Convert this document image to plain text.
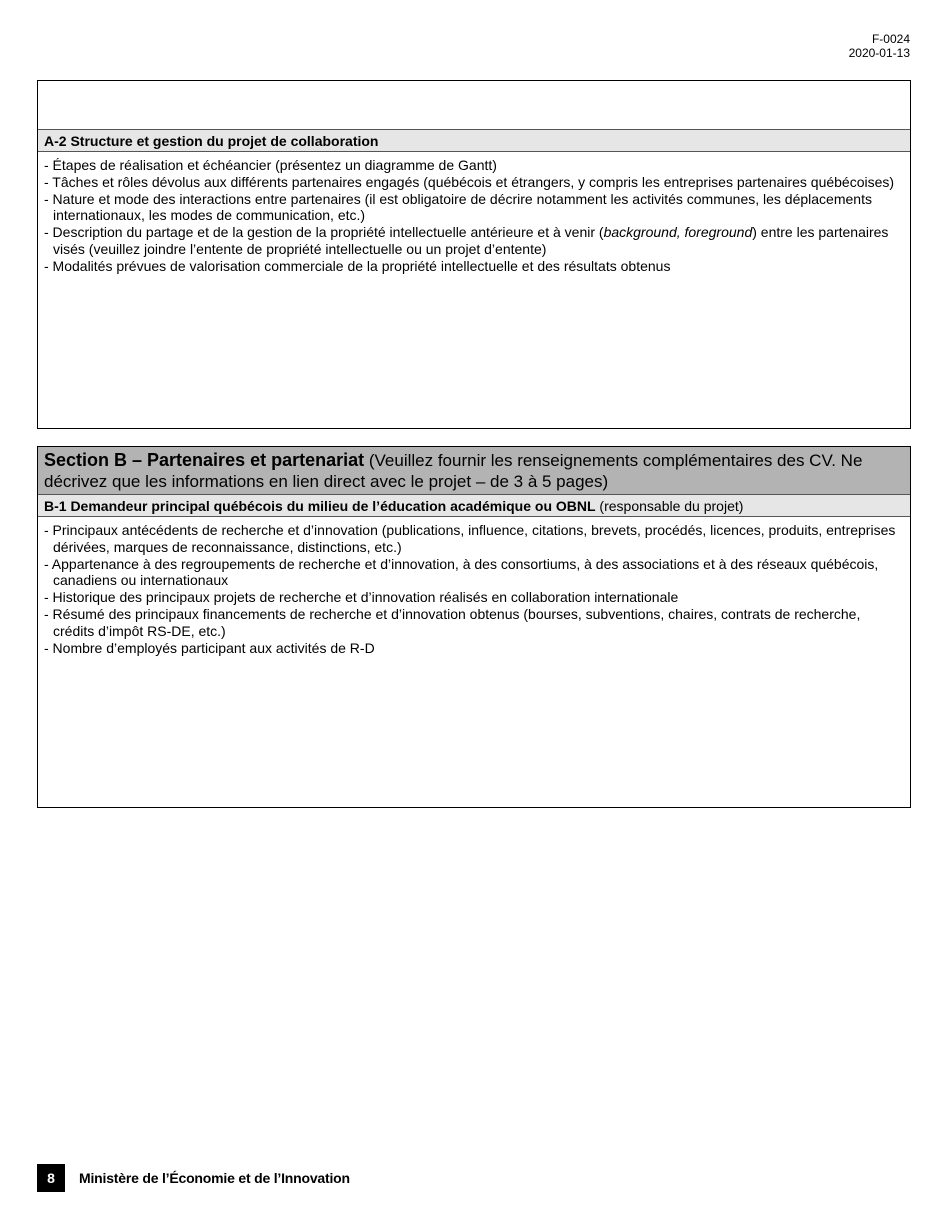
F-0024
2020-01-13
A-2 Structure et gestion du projet de collaboration
- Étapes de réalisation et échéancier (présentez un diagramme de Gantt)
- Tâches et rôles dévolus aux différents partenaires engagés (québécois et étrangers, y compris les entreprises partenaires québécoises)
- Nature et mode des interactions entre partenaires (il est obligatoire de décrire notamment les activités communes, les déplacements internationaux, les modes de communication, etc.)
- Description du partage et de la gestion de la propriété intellectuelle antérieure et à venir (background, foreground) entre les partenaires visés (veuillez joindre l’entente de propriété intellectuelle ou un projet d’entente)
- Modalités prévues de valorisation commerciale de la propriété intellectuelle et des résultats obtenus
Section B – Partenaires et partenariat (Veuillez fournir les renseignements complémentaires des CV. Ne décrivez que les informations en lien direct avec le projet – de 3 à 5 pages)
B-1 Demandeur principal québécois du milieu de l’éducation académique ou OBNL (responsable du projet)
- Principaux antécédents de recherche et d’innovation (publications, influence, citations, brevets, procédés, licences, produits, entreprises dérivées, marques de reconnaissance, distinctions, etc.)
- Appartenance à des regroupements de recherche et d’innovation, à des consortiums, à des associations et à des réseaux québécois, canadiens ou internationaux
- Historique des principaux projets de recherche et d’innovation réalisés en collaboration internationale
- Résumé des principaux financements de recherche et d’innovation obtenus (bourses, subventions, chaires, contrats de recherche, crédits d’impôt RS-DE, etc.)
- Nombre d’employés participant aux activités de R-D
8	Ministère de l’Économie et de l’Innovation
